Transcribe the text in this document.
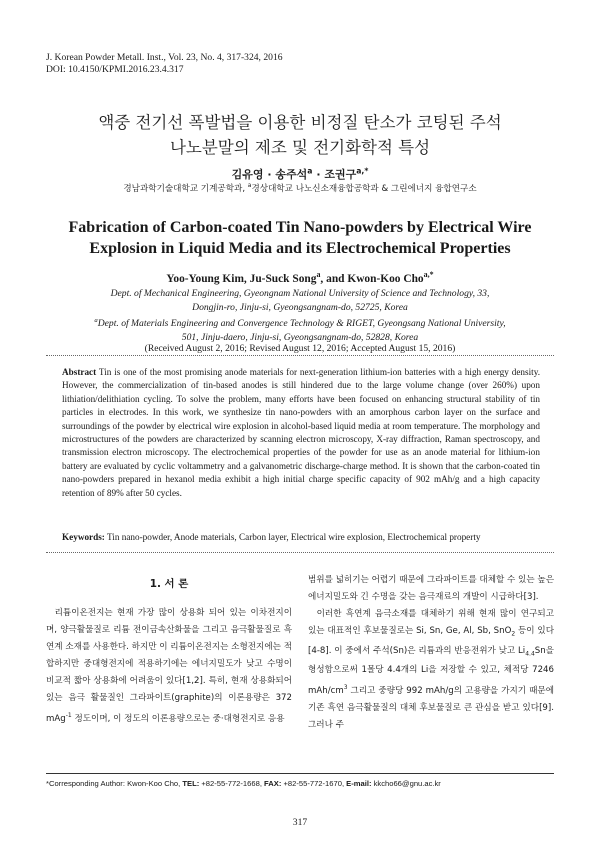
J. Korean Powder Metall. Inst., Vol. 23, No. 4, 317-324, 2016
DOI: 10.4150/KPMI.2016.23.4.317
액중 전기선 폭발법을 이용한 비정질 탄소가 코팅된 주석
나노분말의 제조 및 전기화학적 특성
김유영 · 송주석$^a$ · 조권구$^{a,*}$
경남과학기술대학교 기계공학과, $^a$경상대학교 나노신소재융합공학과 & 그린에너지 융합연구소
Fabrication of Carbon-coated Tin Nano-powders by Electrical Wire
Explosion in Liquid Media and its Electrochemical Properties
Yoo-Young Kim, Ju-Suck Song$^a$, and Kwon-Koo Cho$^{a,*}$
Dept. of Mechanical Engineering, Gyeongnam National University of Science and Technology, 33,
Dongjin-ro, Jinju-si, Gyeongsangnam-do, 52725, Korea
$^a$Dept. of Materials Engineering and Convergence Technology & RIGET, Gyeongsang National University,
501, Jinju-daero, Jinju-si, Gyeongsangnam-do, 52828, Korea
(Received August 2, 2016; Revised August 12, 2016; Accepted August 15, 2016)
Abstract Tin is one of the most promising anode materials for next-generation lithium-ion batteries with a high energy density. However, the commercialization of tin-based anodes is still hindered due to the large volume change (over 260%) upon lithiation/delithiation cycling. To solve the problem, many efforts have been focused on enhancing structural stability of tin particles in electrodes. In this work, we synthesize tin nano-powders with an amorphous carbon layer on the surface and surroundings of the powder by electrical wire explosion in alcohol-based liquid media at room temperature. The morphology and microstructures of the powders are characterized by scanning electron microscopy, X-ray diffraction, Raman spectroscopy, and transmission electron microscopy. The electrochemical properties of the powder for use as an anode material for lithium-ion battery are evaluated by cyclic voltammetry and a galvanometric discharge-charge method. It is shown that the carbon-coated tin nano-powders prepared in hexanol media exhibit a high initial charge specific capacity of 902 mAh/g and a high capacity retention of 89% after 50 cycles.
Keywords: Tin nano-powder, Anode materials, Carbon layer, Electrical wire explosion, Electrochemical property
1. 서 론

리튬이온전지는 현재 가장 많이 상용화 되어 있는 이차전지이며, 양극활물질로 리튬 전이금속산화물을 그리고 음극활물질로 흑연계 소재를 사용한다. 하지만 이 리튬이온전지는 소형전지에는 적합하지만 중대형전지에 적용하기에는 에너지밀도가 낮고 수명이 비교적 짧아 상용화에 어려움이 있다[1,2]. 특히, 현재 상용화되어 있는 음극 활물질인 그라파이트(graphite)의 이론용량은 372 mAg$^{-1}$ 정도이며, 이 정도의 이론용량으로는 중·대형전지로 응용

범위를 넓히기는 어렵기 때문에 그라파이트를 대체할 수 있는 높은 에너지밀도와 긴 수명을 갖는 음극재료의 개발이 시급하다[3].

이러한 흑연계 음극소재를 대체하기 위해 현재 많이 연구되고 있는 대표적인 후보물질로는 Si, Sn, Ge, Al, Sb, SnO$_2$ 등이 있다[4-8]. 이 중에서 주석(Sn)은 리튬과의 반응전위가 낮고 $Li_{4.4}Sn$을 형성함으로써 1몰당 4.4개의 Li을 저장할 수 있고, 체적당 7246 mAh/$cm^3$ 그리고 중량당 992 mAh/g의 고용량을 가지기 때문에 기존 흑연 음극활물질의 대체 후보물질로 큰 관심을 받고 있다[9]. 그러나 주

*Corresponding Author: Kwon-Koo Cho, TEL: +82-55-772-1668, FAX: +82-55-772-1670, E-mail: kkcho66@gnu.ac.kr
317
